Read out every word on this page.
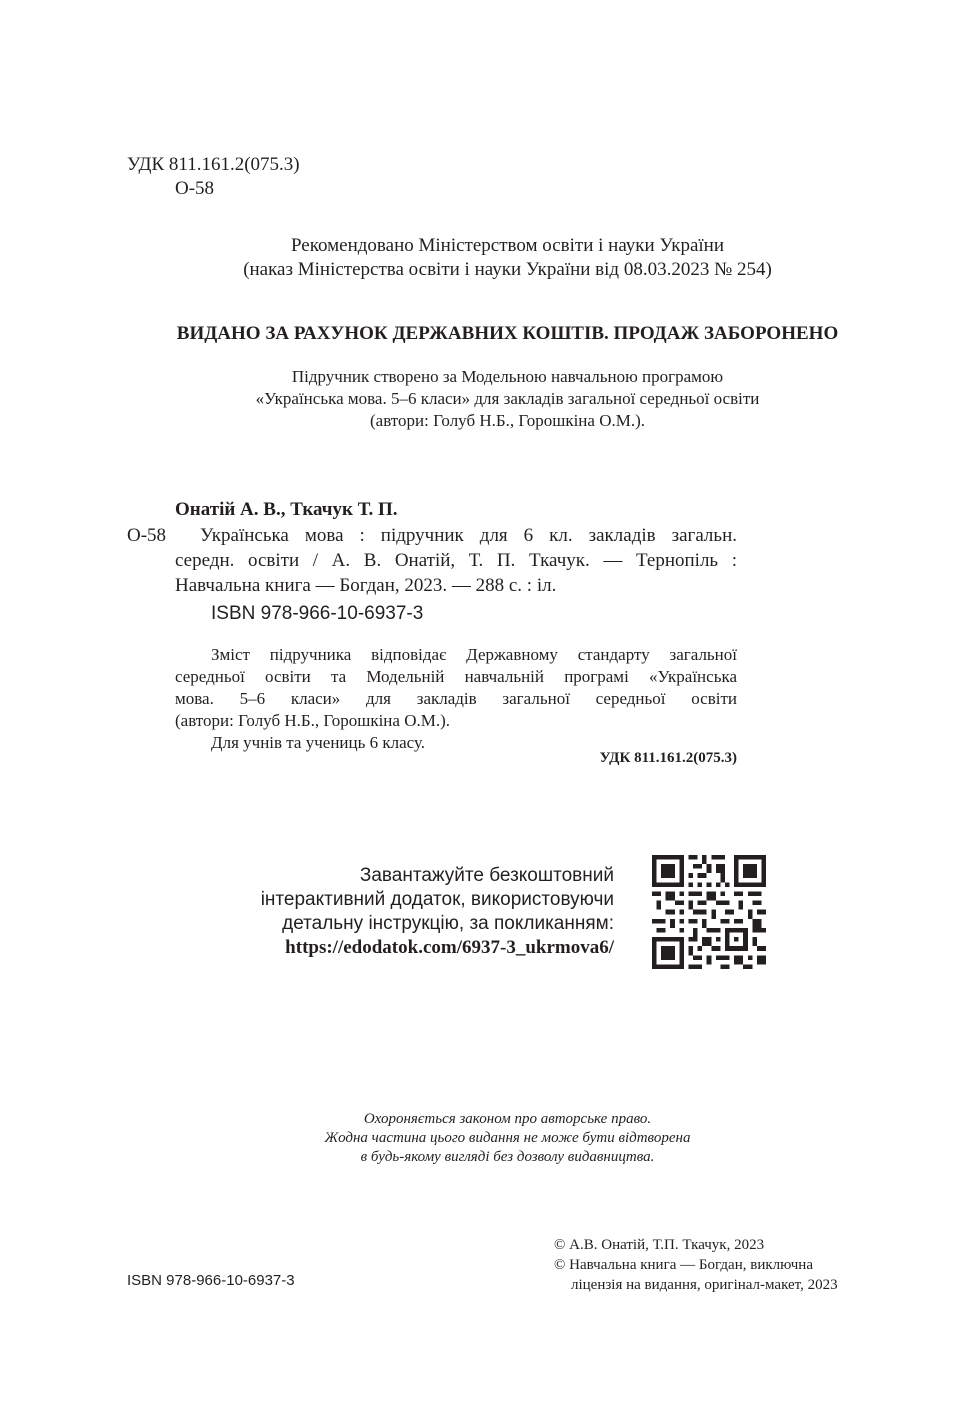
УДК 811.161.2(075.3)
О-58
Рекомендовано Міністерством освіти і науки України
(наказ Міністерства освіти і науки України від 08.03.2023 № 254)
ВИДАНО ЗА РАХУНОК ДЕРЖАВНИХ КОШТІВ. ПРОДАЖ ЗАБОРОНЕНО
Підручник створено за Модельною навчальною програмою
«Українська мова. 5–6 класи» для закладів загальної середньої освіти
(автори: Голуб Н.Б., Горошкіна О.М.).
Онатій А. В., Ткачук Т. П.
О-58 Українська мова : підручник для 6 кл. закладів загальн.
середн. освіти / А. В. Онатій, Т. П. Ткачук. — Тернопіль :
Навчальна книга — Богдан, 2023. — 288 с. : іл.
ISBN 978-966-10-6937-3
Зміст підручника відповідає Державному стандарту загальної
середньої освіти та Модельній навчальній програмі «Українська
мова. 5–6 класи» для закладів загальної середньої освіти
(автори: Голуб Н.Б., Горошкіна О.М.).
Для учнів та учениць 6 класу.
УДК 811.161.2(075.3)
Завантажуйте безкоштовний
інтерактивний додаток, використовуючи
детальну інструкцію, за покликанням:
https://edodatok.com/6937-3_ukrmova6/
Охороняється законом про авторське право.
Жодна частина цього видання не може бути відтворена
в будь-якому вигляді без дозволу видавництва.
ISBN 978-966-10-6937-3
© А.В. Онатій, Т.П. Ткачук, 2023
© Навчальна книга — Богдан, виключна
ліцензія на видання, оригінал-макет, 2023
